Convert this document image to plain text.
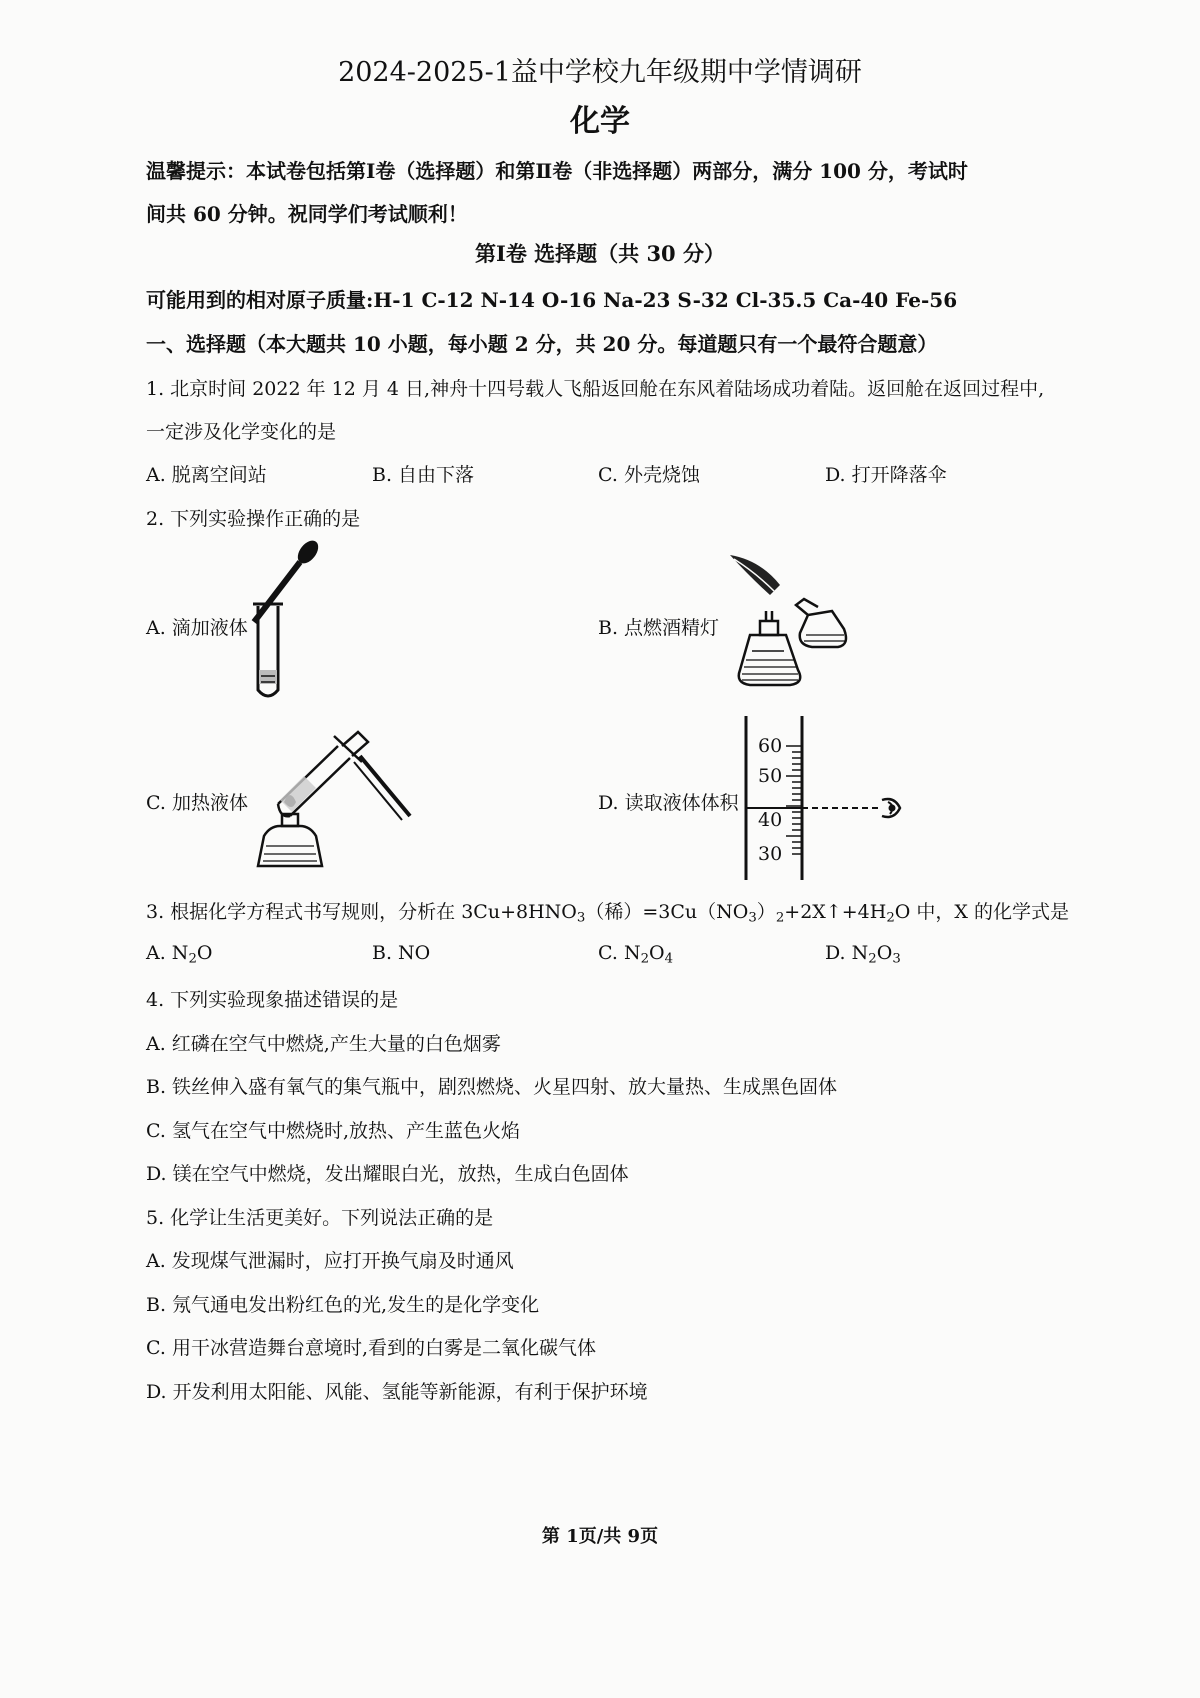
2024-2025-1益中学校九年级期中学情调研
化学
温馨提示：本试卷包括第Ⅰ卷（选择题）和第Ⅱ卷（非选择题）两部分，满分 100 分，考试时
间共 60 分钟。祝同学们考试顺利！
第Ⅰ卷 选择题（共 30 分）
可能用到的相对原子质量:H-1 C-12 N-14 O-16 Na-23 S-32 Cl-35.5 Ca-40 Fe-56
一、选择题（本大题共 10 小题，每小题 2 分，共 20 分。每道题只有一个最符合题意）
1. 北京时间 2022 年 12 月 4 日,神舟十四号载人飞船返回舱在东风着陆场成功着陆。返回舱在返回过程中,
一定涉及化学变化的是
A. 脱离空间站	B. 自由下落	C. 外壳烧蚀	D. 打开降落伞
2. 下列实验操作正确的是
A. 滴加液体	B. 点燃酒精灯
C. 加热液体	D. 读取液体体积
60
50
40
30
3. 根据化学方程式书写规则，分析在 $3Cu+8HNO_3$（稀）$=3Cu(NO_3)_2+2X↑+4H_2O$ 中，X 的化学式是
A. $N_2O$	B. NO	C. $N_2O_4$	D. $N_2O_3$
4. 下列实验现象描述错误的是
A. 红磷在空气中燃烧,产生大量的白色烟雾
B. 铁丝伸入盛有氧气的集气瓶中，剧烈燃烧、火星四射、放大量热、生成黑色固体
C. 氢气在空气中燃烧时,放热、产生蓝色火焰
D. 镁在空气中燃烧，发出耀眼白光，放热，生成白色固体
5. 化学让生活更美好。下列说法正确的是
A. 发现煤气泄漏时，应打开换气扇及时通风
B. 氖气通电发出粉红色的光,发生的是化学变化
C. 用干冰营造舞台意境时,看到的白雾是二氧化碳气体
D. 开发利用太阳能、风能、氢能等新能源，有利于保护环境
第 1页/共 9页
